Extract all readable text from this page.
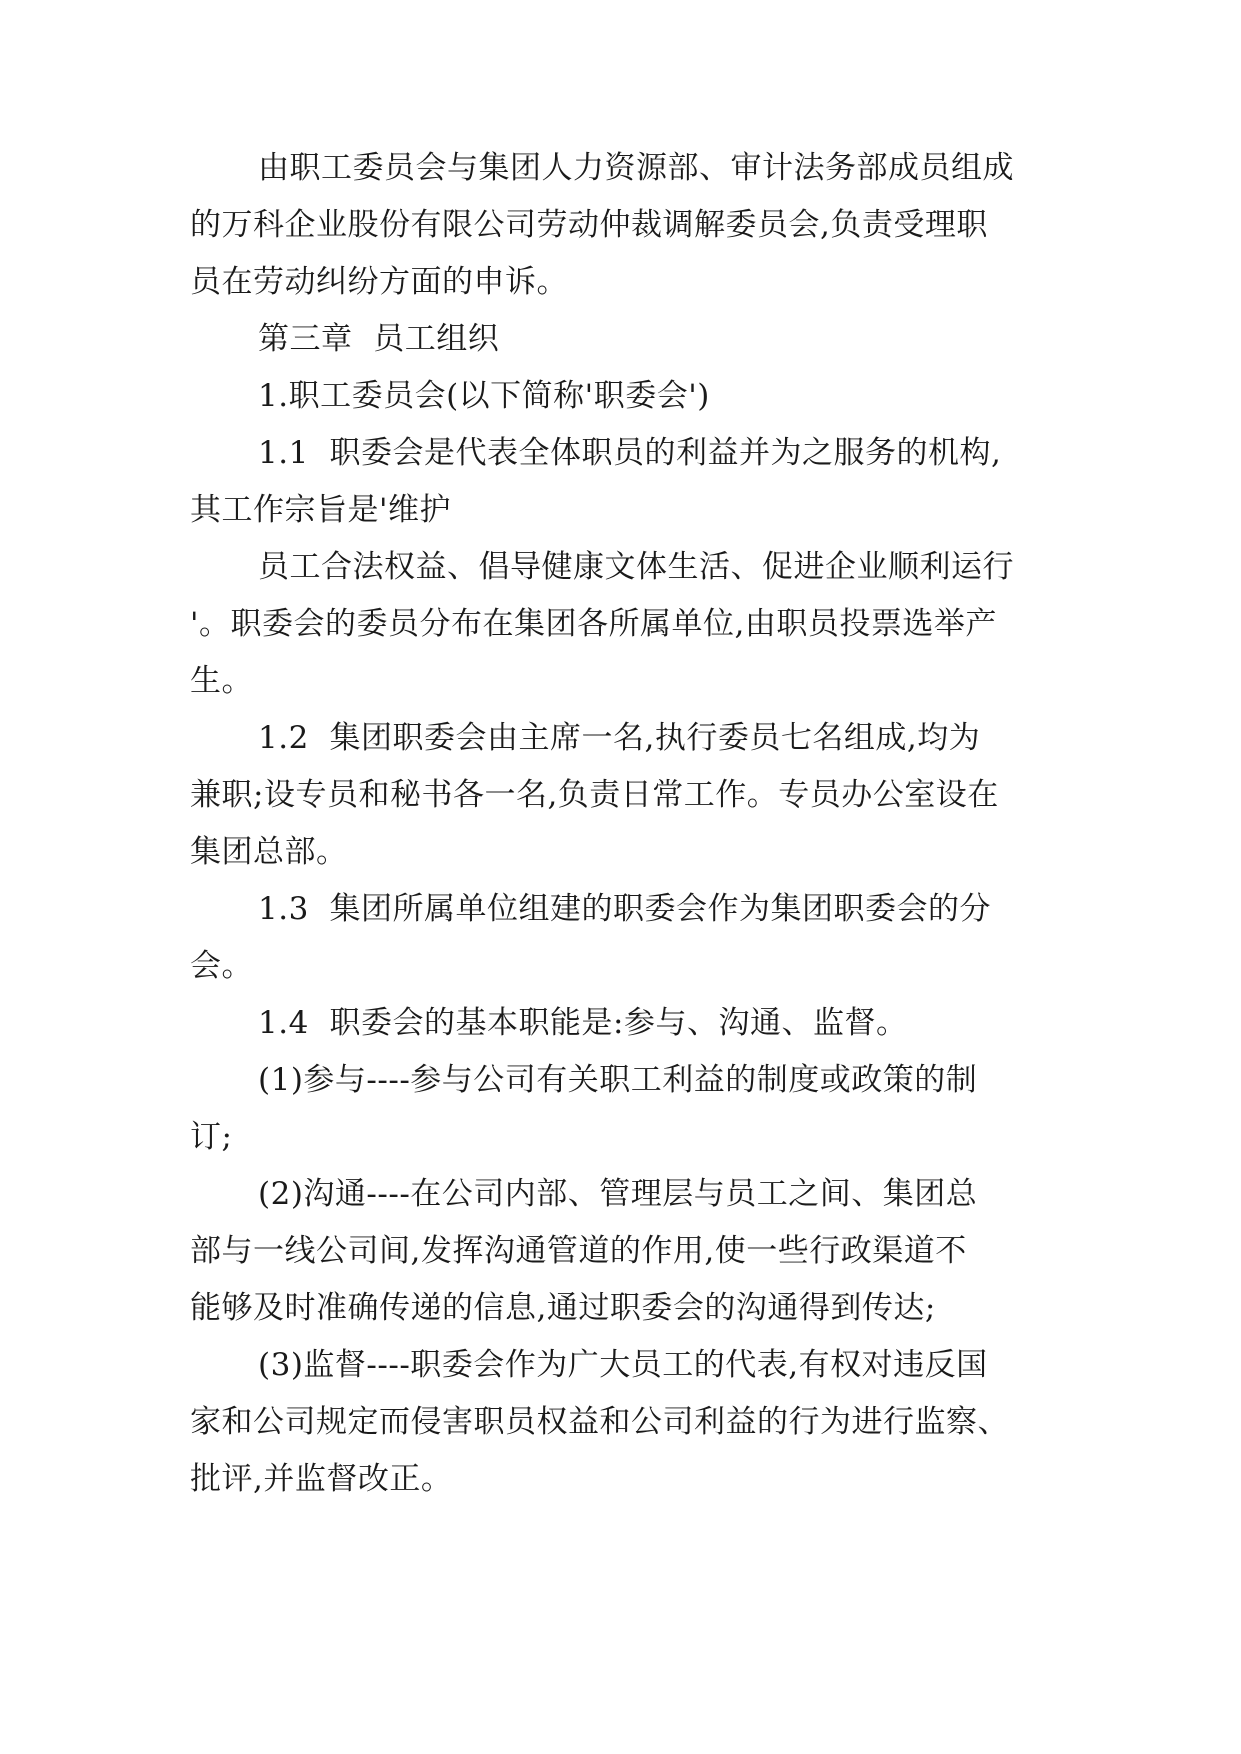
由职工委员会与集团人力资源部、审计法务部成员组成
的万科企业股份有限公司劳动仲裁调解委员会,负责受理职
员在劳动纠纷方面的申诉。
第三章  员工组织
1.职工委员会(以下简称'职委会')
1.1  职委会是代表全体职员的利益并为之服务的机构,
其工作宗旨是'维护
员工合法权益、倡导健康文体生活、促进企业顺利运行
'。职委会的委员分布在集团各所属单位,由职员投票选举产
生。
1.2  集团职委会由主席一名,执行委员七名组成,均为
兼职;设专员和秘书各一名,负责日常工作。专员办公室设在
集团总部。
1.3  集团所属单位组建的职委会作为集团职委会的分
会。
1.4  职委会的基本职能是:参与、沟通、监督。
(1)参与----参与公司有关职工利益的制度或政策的制
订;
(2)沟通----在公司内部、管理层与员工之间、集团总
部与一线公司间,发挥沟通管道的作用,使一些行政渠道不
能够及时准确传递的信息,通过职委会的沟通得到传达;
(3)监督----职委会作为广大员工的代表,有权对违反国
家和公司规定而侵害职员权益和公司利益的行为进行监察、
批评,并监督改正。
